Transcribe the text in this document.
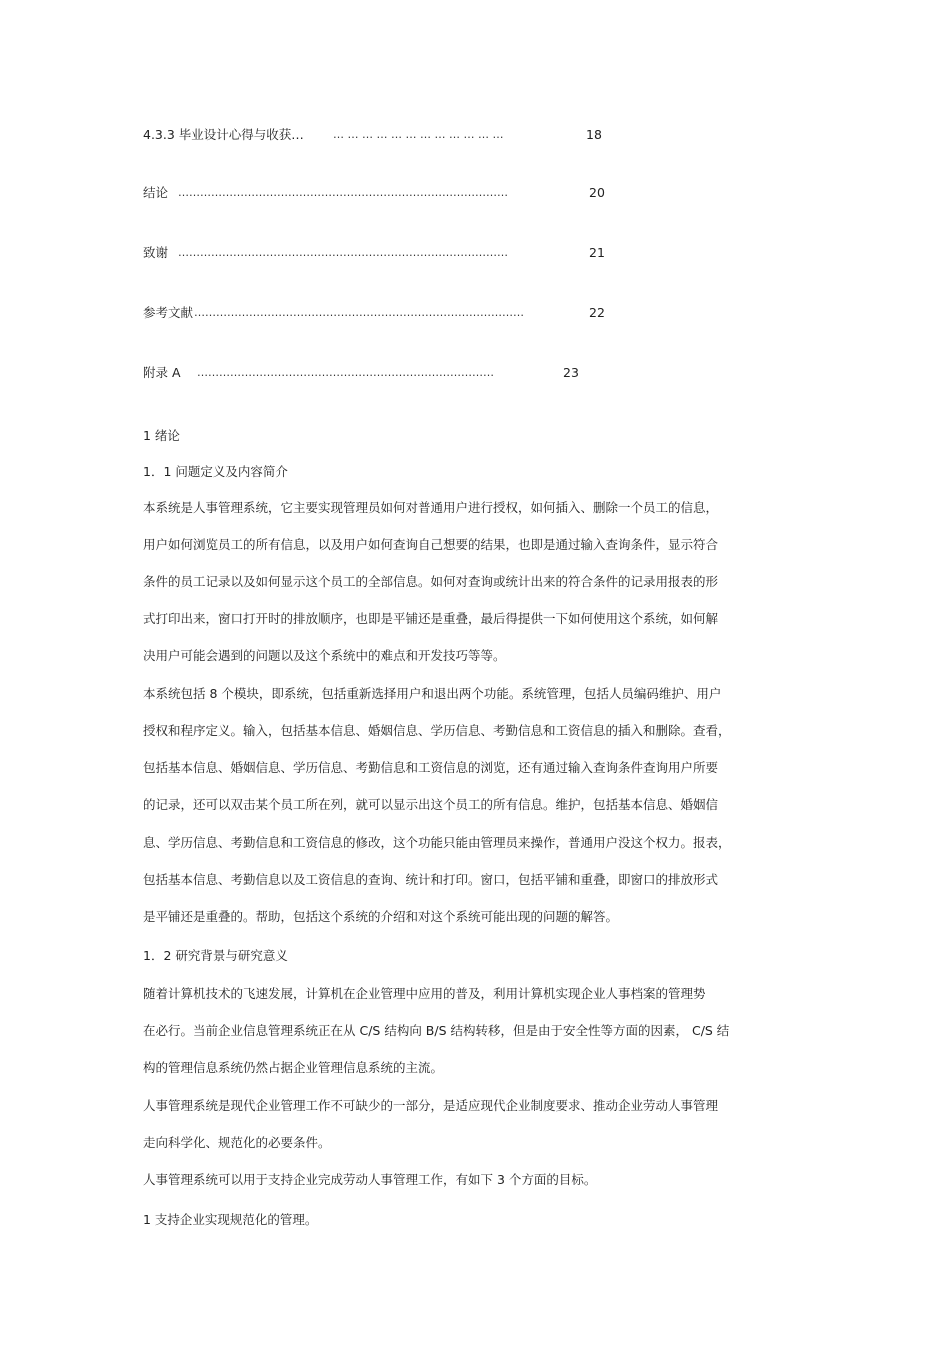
4.3.3 毕业设计心得与收获…	… … … … … … … … … … … …	18
结论 ………………………………………………………………………………	20
致谢 ………………………………………………………………………………	21
参考文献 ………………………………………………………………………………	22
附录 A ………………………………………………………………………	23
1 绪论
1．1 问题定义及内容简介
本系统是人事管理系统，它主要实现管理员如何对普通用户进行授权，如何插入、删除一个员工的信息，
用户如何浏览员工的所有信息，以及用户如何查询自己想要的结果，也即是通过输入查询条件，显示符合
条件的员工记录以及如何显示这个员工的全部信息。如何对查询或统计出来的符合条件的记录用报表的形
式打印出来，窗口打开时的排放顺序，也即是平铺还是重叠，最后得提供一下如何使用这个系统，如何解
决用户可能会遇到的问题以及这个系统中的难点和开发技巧等等。
本系统包括 8 个模块，即系统，包括重新选择用户和退出两个功能。系统管理，包括人员编码维护、用户
授权和程序定义。输入，包括基本信息、婚姻信息、学历信息、考勤信息和工资信息的插入和删除。查看，
包括基本信息、婚姻信息、学历信息、考勤信息和工资信息的浏览，还有通过输入查询条件查询用户所要
的记录，还可以双击某个员工所在列，就可以显示出这个员工的所有信息。维护，包括基本信息、婚姻信
息、学历信息、考勤信息和工资信息的修改，这个功能只能由管理员来操作，普通用户没这个权力。报表，
包括基本信息、考勤信息以及工资信息的查询、统计和打印。窗口，包括平铺和重叠，即窗口的排放形式
是平铺还是重叠的。帮助，包括这个系统的介绍和对这个系统可能出现的问题的解答。
1．2 研究背景与研究意义
随着计算机技术的飞速发展，计算机在企业管理中应用的普及，利用计算机实现企业人事档案的管理势
在必行。当前企业信息管理系统正在从 C/S 结构向 B/S 结构转移，但是由于安全性等方面的因素， C/S 结
构的管理信息系统仍然占据企业管理信息系统的主流。
人事管理系统是现代企业管理工作不可缺少的一部分，是适应现代企业制度要求、推动企业劳动人事管理
走向科学化、规范化的必要条件。
人事管理系统可以用于支持企业完成劳动人事管理工作，有如下 3 个方面的目标。
1 支持企业实现规范化的管理。
